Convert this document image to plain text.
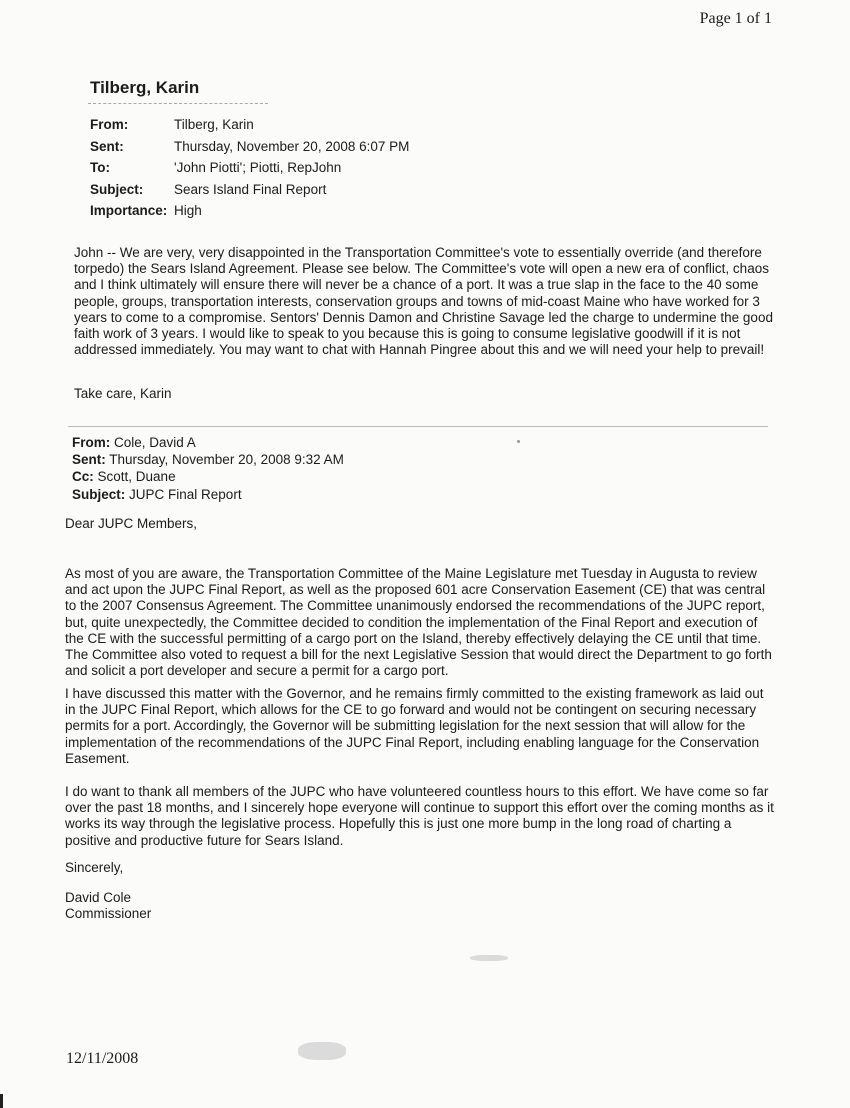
Page 1 of 1
Tilberg, Karin
From:	Tilberg, Karin
Sent:	Thursday, November 20, 2008 6:07 PM
To:	'John Piotti'; Piotti, RepJohn
Subject:	Sears Island Final Report
Importance:	High

John -- We are very, very disappointed in the Transportation Committee's vote to essentially override (and therefore torpedo) the Sears Island Agreement. Please see below. The Committee's vote will open a new era of conflict, chaos and I think ultimately will ensure there will never be a chance of a port. It was a true slap in the face to the 40 some people, groups, transportation interests, conservation groups and towns of mid-coast Maine who have worked for 3 years to come to a compromise. Sentors' Dennis Damon and Christine Savage led the charge to undermine the good faith work of 3 years. I would like to speak to you because this is going to consume legislative goodwill if it is not addressed immediately. You may want to chat with Hannah Pingree about this and we will need your help to prevail!

Take care, Karin

From: Cole, David A
Sent: Thursday, November 20, 2008 9:32 AM
Cc: Scott, Duane
Subject: JUPC Final Report

Dear JUPC Members,

As most of you are aware, the Transportation Committee of the Maine Legislature met Tuesday in Augusta to review and act upon the JUPC Final Report, as well as the proposed 601 acre Conservation Easement (CE) that was central to the 2007 Consensus Agreement. The Committee unanimously endorsed the recommendations of the JUPC report, but, quite unexpectedly, the Committee decided to condition the implementation of the Final Report and execution of the CE with the successful permitting of a cargo port on the Island, thereby effectively delaying the CE until that time. The Committee also voted to request a bill for the next Legislative Session that would direct the Department to go forth and solicit a port developer and secure a permit for a cargo port.

I have discussed this matter with the Governor, and he remains firmly committed to the existing framework as laid out in the JUPC Final Report, which allows for the CE to go forward and would not be contingent on securing necessary permits for a port. Accordingly, the Governor will be submitting legislation for the next session that will allow for the implementation of the recommendations of the JUPC Final Report, including enabling language for the Conservation Easement.

I do want to thank all members of the JUPC who have volunteered countless hours to this effort. We have come so far over the past 18 months, and I sincerely hope everyone will continue to support this effort over the coming months as it works its way through the legislative process. Hopefully this is just one more bump in the long road of charting a positive and productive future for Sears Island.

Sincerely,

David Cole

Commissioner

12/11/2008
